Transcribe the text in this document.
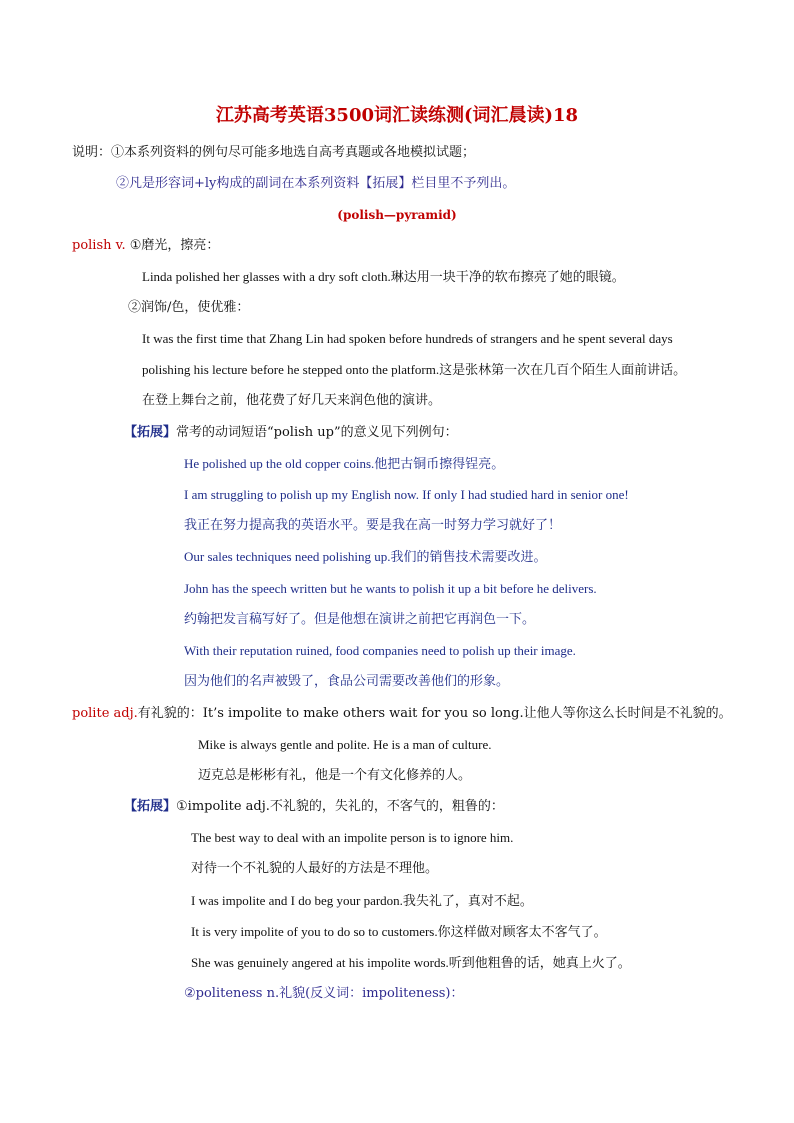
江苏高考英语3500词汇读练测(词汇晨读)18
说明：①本系列资料的例句尽可能多地选自高考真题或各地模拟试题；
②凡是形容词+ly构成的副词在本系列资料【拓展】栏目里不予列出。
(polish—pyramid)
polish v. ①磨光，擦亮：
Linda polished her glasses with a dry soft cloth.琳达用一块干净的软布擦亮了她的眼镜。
②润饰/色，使优雅：
It was the first time that Zhang Lin had spoken before hundreds of strangers and he spent several days
polishing his lecture before he stepped onto the platform.这是张林第一次在几百个陌生人面前讲话。
在登上舞台之前，他花费了好几天来润色他的演讲。
【拓展】常考的动词短语“polish up”的意义见下列例句：
He polished up the old copper coins.他把古铜币擦得锃亮。
I am struggling to polish up my English now. If only I had studied hard in senior one!
我正在努力提高我的英语水平。要是我在高一时努力学习就好了！
Our sales techniques need polishing up.我们的销售技术需要改进。
John has the speech written but he wants to polish it up a bit before he delivers.
约翰把发言稿写好了。但是他想在演讲之前把它再润色一下。
With their reputation ruined, food companies need to polish up their image.
因为他们的名声被毁了，食品公司需要改善他们的形象。
polite adj.有礼貌的：It’s impolite to make others wait for you so long.让他人等你这么长时间是不礼貌的。
Mike is always gentle and polite. He is a man of culture.
迈克总是彬彬有礼，他是一个有文化修养的人。
【拓展】①impolite adj.不礼貌的，失礼的，不客气的，粗鲁的：
The best way to deal with an impolite person is to ignore him.
对待一个不礼貌的人最好的方法是不理他。
I was impolite and I do beg your pardon.我失礼了，真对不起。
It is very impolite of you to do so to customers.你这样做对顾客太不客气了。
She was genuinely angered at his impolite words.听到他粗鲁的话，她真上火了。
②politeness n.礼貌(反义词：impoliteness)：
